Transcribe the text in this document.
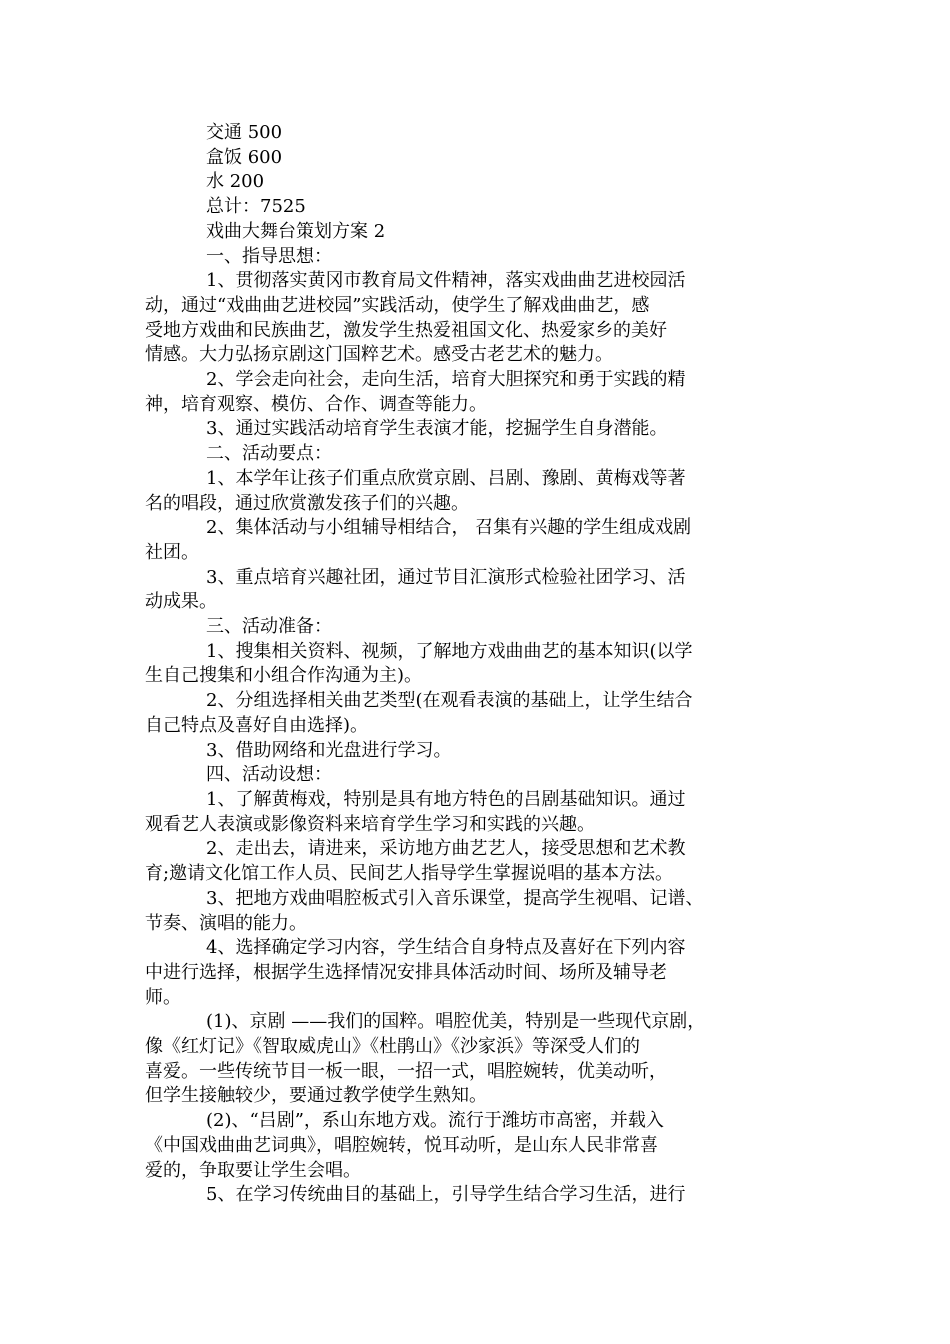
交通 500
盒饭 600
水 200
总计：7525
戏曲大舞台策划方案 2
一、指导思想：
1、贯彻落实黄冈市教育局文件精神，落实戏曲曲艺进校园活
动，通过“戏曲曲艺进校园”实践活动，使学生了解戏曲曲艺，感
受地方戏曲和民族曲艺，激发学生热爱祖国文化、热爱家乡的美好
情感。大力弘扬京剧这门国粹艺术。感受古老艺术的魅力。
2、学会走向社会，走向生活，培育大胆探究和勇于实践的精
神，培育观察、模仿、合作、调查等能力。
3、通过实践活动培育学生表演才能，挖掘学生自身潜能。
二、活动要点：
1、本学年让孩子们重点欣赏京剧、吕剧、豫剧、黄梅戏等著
名的唱段，通过欣赏激发孩子们的兴趣。
2、集体活动与小组辅导相结合， 召集有兴趣的学生组成戏剧
社团。
3、重点培育兴趣社团，通过节目汇演形式检验社团学习、活
动成果。
三、活动准备：
1、搜集相关资料、视频，了解地方戏曲曲艺的基本知识(以学
生自己搜集和小组合作沟通为主)。
2、分组选择相关曲艺类型(在观看表演的基础上，让学生结合
自己特点及喜好自由选择)。
3、借助网络和光盘进行学习。
四、活动设想：
1、了解黄梅戏，特别是具有地方特色的吕剧基础知识。通过
观看艺人表演或影像资料来培育学生学习和实践的兴趣。
2、走出去，请进来，采访地方曲艺艺人，接受思想和艺术教
育;邀请文化馆工作人员、民间艺人指导学生掌握说唱的基本方法。
3、把地方戏曲唱腔板式引入音乐课堂，提高学生视唱、记谱、
节奏、演唱的能力。
4、选择确定学习内容，学生结合自身特点及喜好在下列内容
中进行选择，根据学生选择情况安排具体活动时间、场所及辅导老
师。
(1)、京剧 ——我们的国粹。唱腔优美，特别是一些现代京剧，
像《红灯记》《智取威虎山》《杜鹃山》《沙家浜》等深受人们的
喜爱。一些传统节目一板一眼，一招一式，唱腔婉转，优美动听，
但学生接触较少，要通过教学使学生熟知。
(2)、“吕剧”，系山东地方戏。流行于潍坊市高密，并载入
《中国戏曲曲艺词典》，唱腔婉转，悦耳动听，是山东人民非常喜
爱的，争取要让学生会唱。
5、在学习传统曲目的基础上，引导学生结合学习生活，进行
